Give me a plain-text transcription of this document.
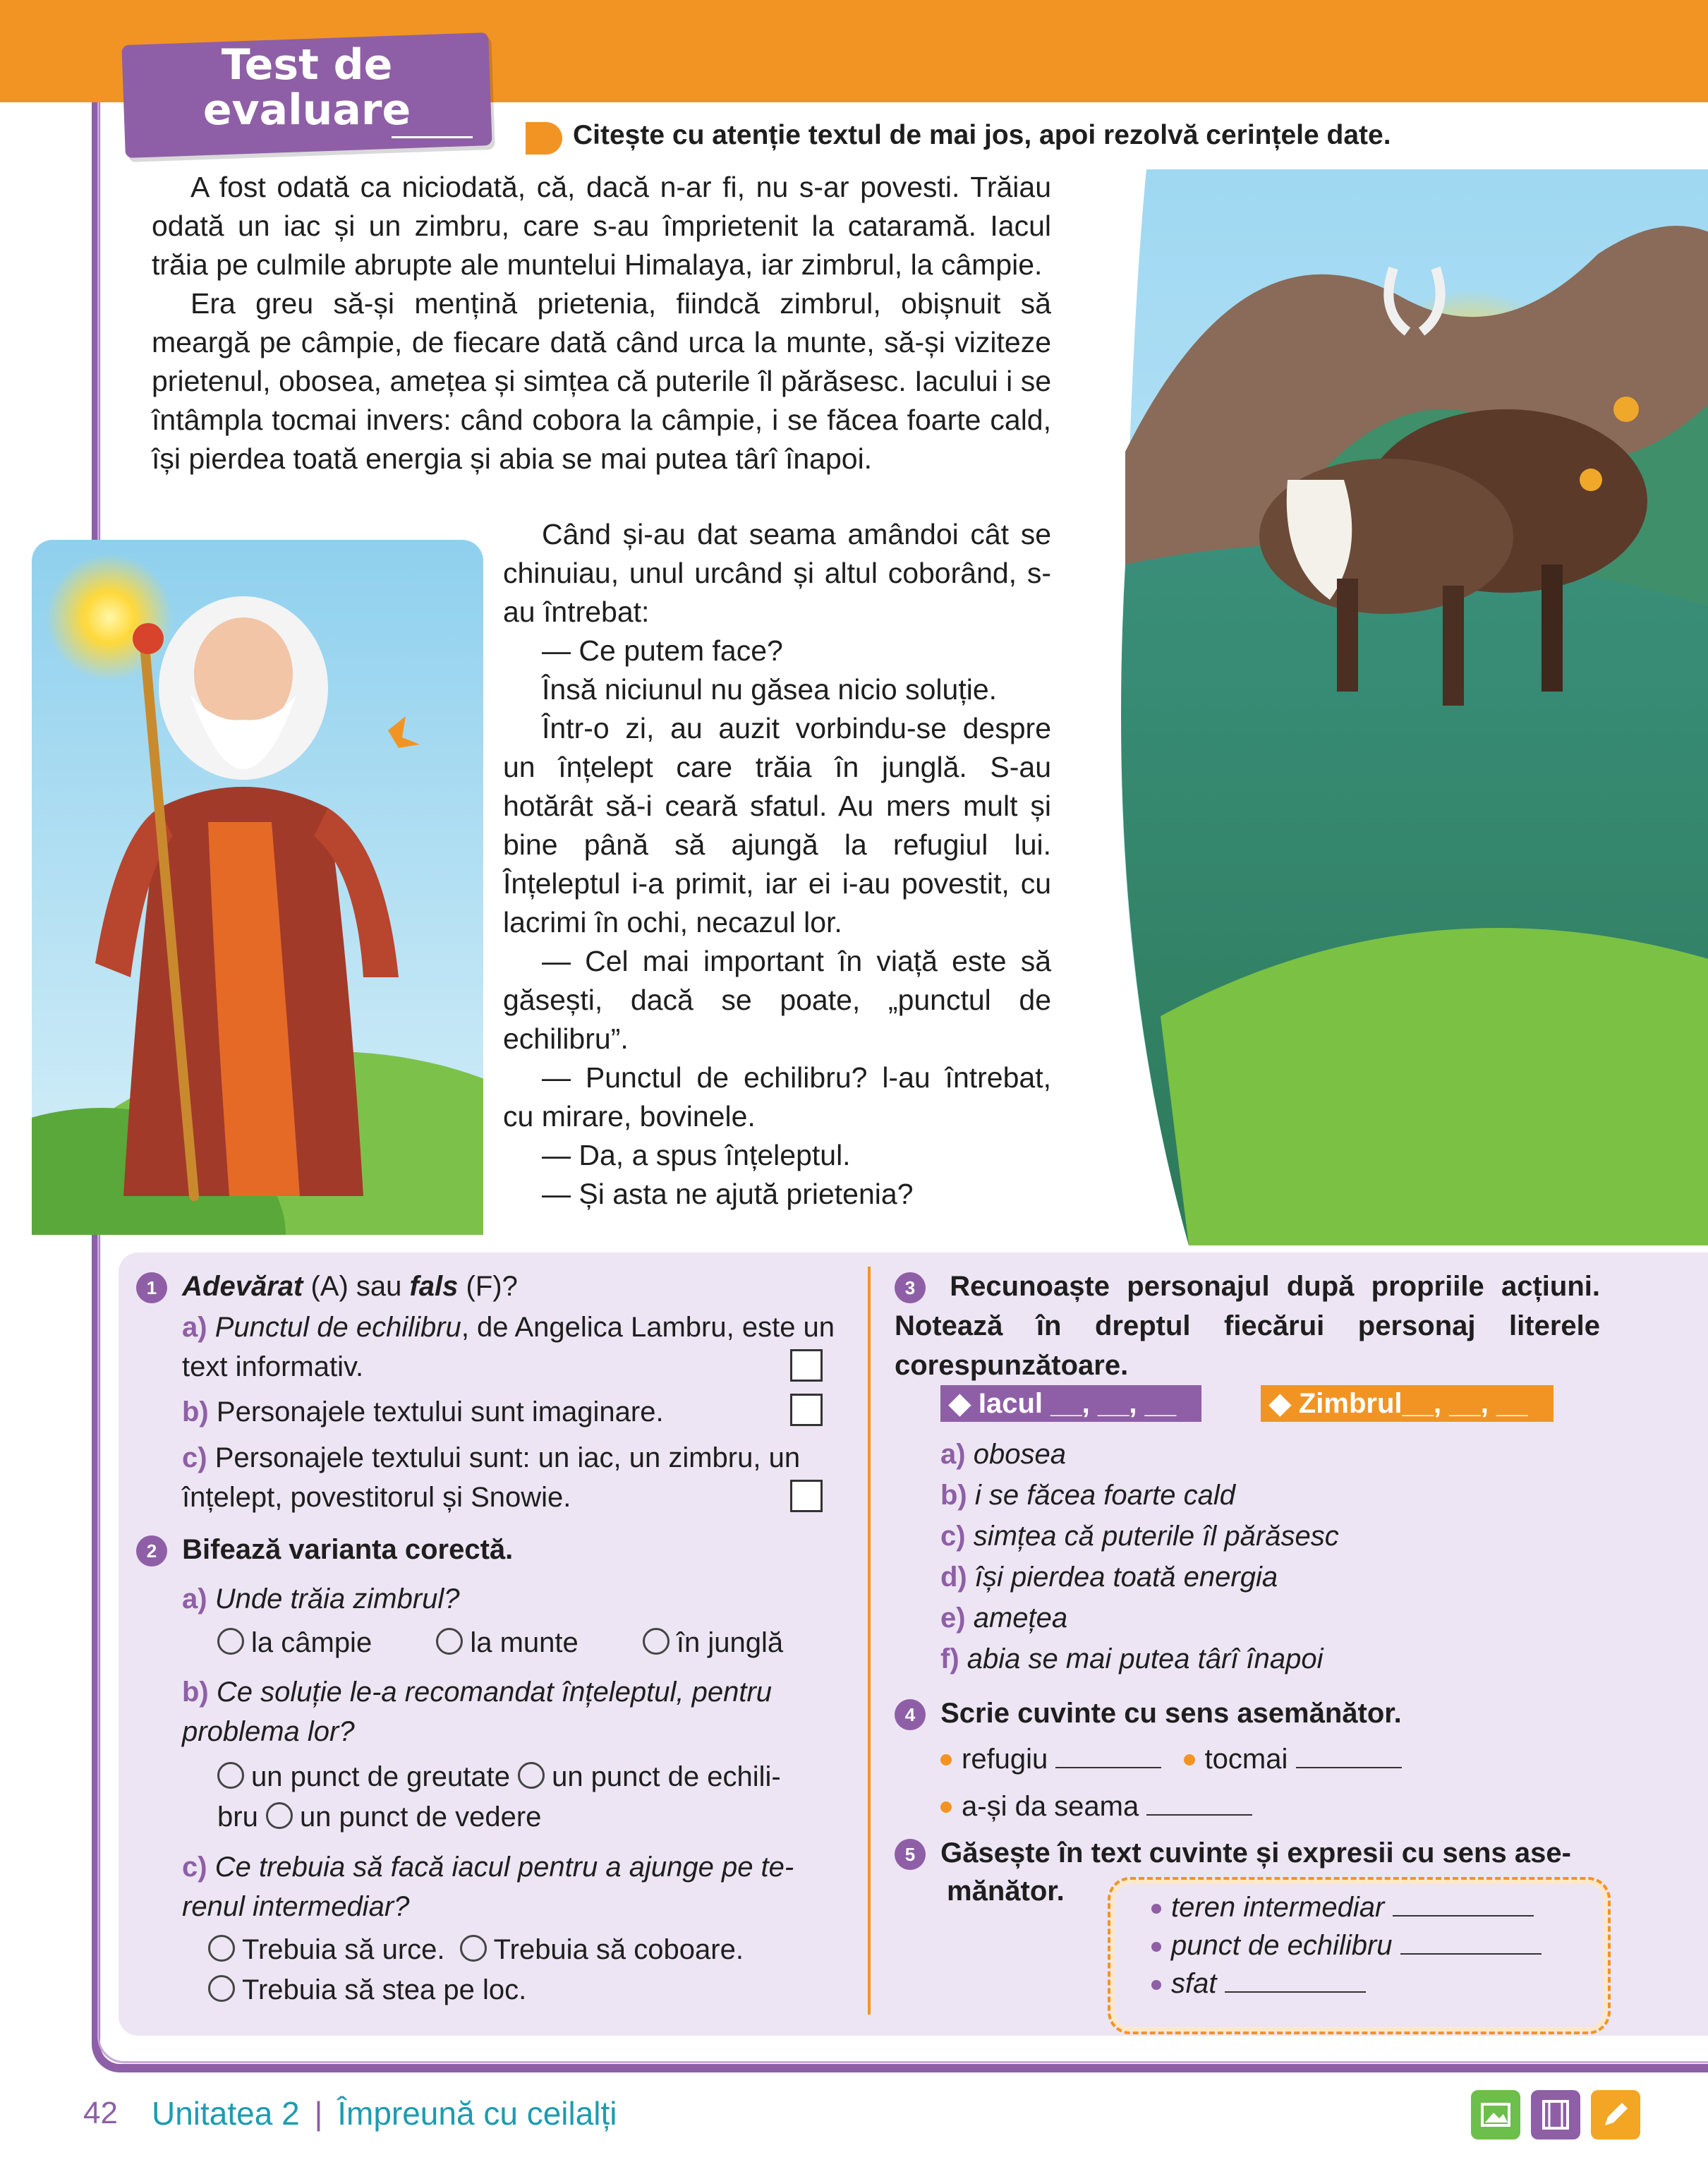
Test de
evaluare
Citește cu atenție textul de mai jos, apoi rezolvă cerințele date.

A fost odată ca niciodată, că, dacă n-ar fi, nu s-ar povesti. Trăiau odată un iac și un zimbru, care s-au împrietenit la cataramă. Iacul trăia pe culmile abrupte ale muntelui Himalaya, iar zimbrul, la câmpie.

Era greu să-și mențină prietenia, fiindcă zimbrul, obișnuit să meargă pe câmpie, de fiecare dată când urca la munte, să-și viziteze prietenul, obosea, amețea și simțea că puterile îl părăsesc. Iacului i se întâmpla tocmai invers: când cobora la câmpie, i se făcea foarte cald, își pierdea toată energia și abia se mai putea târî înapoi.

Când și-au dat seama amândoi cât se chinuiau, unul urcând și altul coborând, s-au întrebat:

— Ce putem face?

Însă niciunul nu găsea nicio soluție.

Într-o zi, au auzit vorbindu-se despre un înțelept care trăia în junglă. S-au hotărât să-i ceară sfatul. Au mers mult și bine până să ajungă la refugiul lui. Înțeleptul i-a primit, iar ei i-au povestit, cu lacrimi în ochi, necazul lor.

— Cel mai important în viață este să găsești, dacă se poate, „punctul de echilibru”.

— Punctul de echilibru? l-au întrebat, cu mirare, bovinele.

— Da, a spus înțeleptul.

— Și asta ne ajută prietenia?

1 Adevărat (A) sau fals (F)?
a) Punctul de echilibru, de Angelica Lambru, este un text informativ.
b) Personajele textului sunt imaginare.
c) Personajele textului sunt: un iac, un zimbru, un înțelept, povestitorul și Snowie.
2 Bifează varianta corectă.
a) Unde trăia zimbrul?
la câmpie	la munte	în junglă
b) Ce soluție le-a recomandat înțeleptul, pentru problema lor?
un punct de greutate un punct de echili-
bru un punct de vedere
c) Ce trebuia să facă iacul pentru a ajunge pe te-renul intermediar?
Trebuia să urce. Trebuia să coboare.
Trebuia să stea pe loc.
3 Recunoaște personajul după propriile acțiuni. Notează în dreptul fiecărui personaj literele corespunzătoare.
◆ Iacul __, __, __	◆ Zimbrul__, __, __
a) obosea
b) i se făcea foarte cald
c) simțea că puterile îl părăsesc
d) își pierdea toată energia
e) amețea
f) abia se mai putea târî înapoi
4 Scrie cuvinte cu sens asemănător.
refugiu	tocmai
a-și da seama
5 Găsește în text cuvinte și expresii cu sens ase-
mănător.
teren intermediar
punct de echilibru
sfat
42 Unitatea 2 | Împreună cu ceilalți
